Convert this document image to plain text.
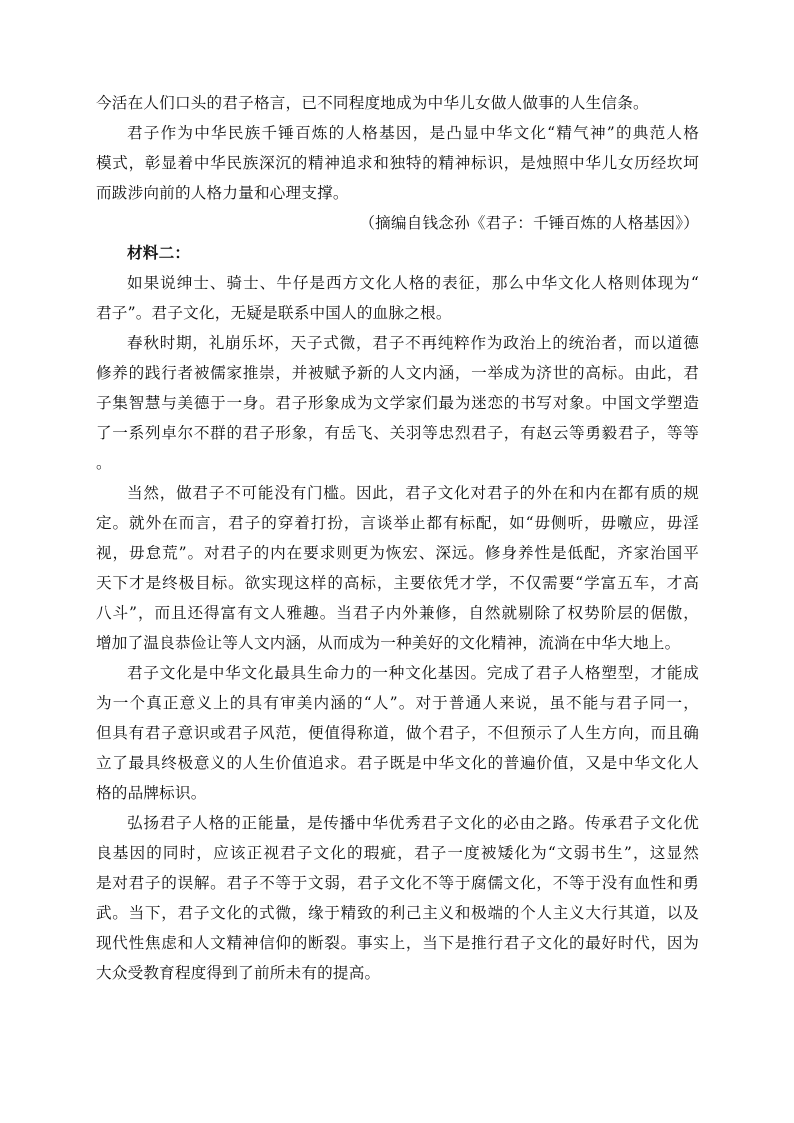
今活在人们口头的君子格言，已不同程度地成为中华儿女做人做事的人生信条。
君子作为中华民族千锤百炼的人格基因，是凸显中华文化“精气神”的典范人格
模式，彰显着中华民族深沉的精神追求和独特的精神标识，是烛照中华儿女历经坎坷
而跋涉向前的人格力量和心理支撑。
（摘编自钱念孙《君子：千锤百炼的人格基因》）
材料二：
如果说绅士、骑士、牛仔是西方文化人格的表征，那么中华文化人格则体现为“
君子”。君子文化，无疑是联系中国人的血脉之根。
春秋时期，礼崩乐坏，天子式微，君子不再纯粹作为政治上的统治者，而以道德
修养的践行者被儒家推崇，并被赋予新的人文内涵，一举成为济世的高标。由此，君
子集智慧与美德于一身。君子形象成为文学家们最为迷恋的书写对象。中国文学塑造
了一系列卓尔不群的君子形象，有岳飞、关羽等忠烈君子，有赵云等勇毅君子，等等
。
当然，做君子不可能没有门槛。因此，君子文化对君子的外在和内在都有质的规
定。就外在而言，君子的穿着打扮，言谈举止都有标配，如“毋侧听，毋噭应，毋淫
视，毋怠荒”。对君子的内在要求则更为恢宏、深远。修身养性是低配，齐家治国平
天下才是终极目标。欲实现这样的高标，主要依凭才学，不仅需要“学富五车，才高
八斗”，而且还得富有文人雅趣。当君子内外兼修，自然就剔除了权势阶层的倨傲，
增加了温良恭俭让等人文内涵，从而成为一种美好的文化精神，流淌在中华大地上。
君子文化是中华文化最具生命力的一种文化基因。完成了君子人格塑型，才能成
为一个真正意义上的具有审美内涵的“人”。对于普通人来说，虽不能与君子同一，
但具有君子意识或君子风范，便值得称道，做个君子，不但预示了人生方向，而且确
立了最具终极意义的人生价值追求。君子既是中华文化的普遍价值，又是中华文化人
格的品牌标识。
弘扬君子人格的正能量，是传播中华优秀君子文化的必由之路。传承君子文化优
良基因的同时，应该正视君子文化的瑕疵，君子一度被矮化为“文弱书生”，这显然
是对君子的误解。君子不等于文弱，君子文化不等于腐儒文化，不等于没有血性和勇
武。当下，君子文化的式微，缘于精致的利己主义和极端的个人主义大行其道，以及
现代性焦虑和人文精神信仰的断裂。事实上，当下是推行君子文化的最好时代，因为
大众受教育程度得到了前所未有的提高。
